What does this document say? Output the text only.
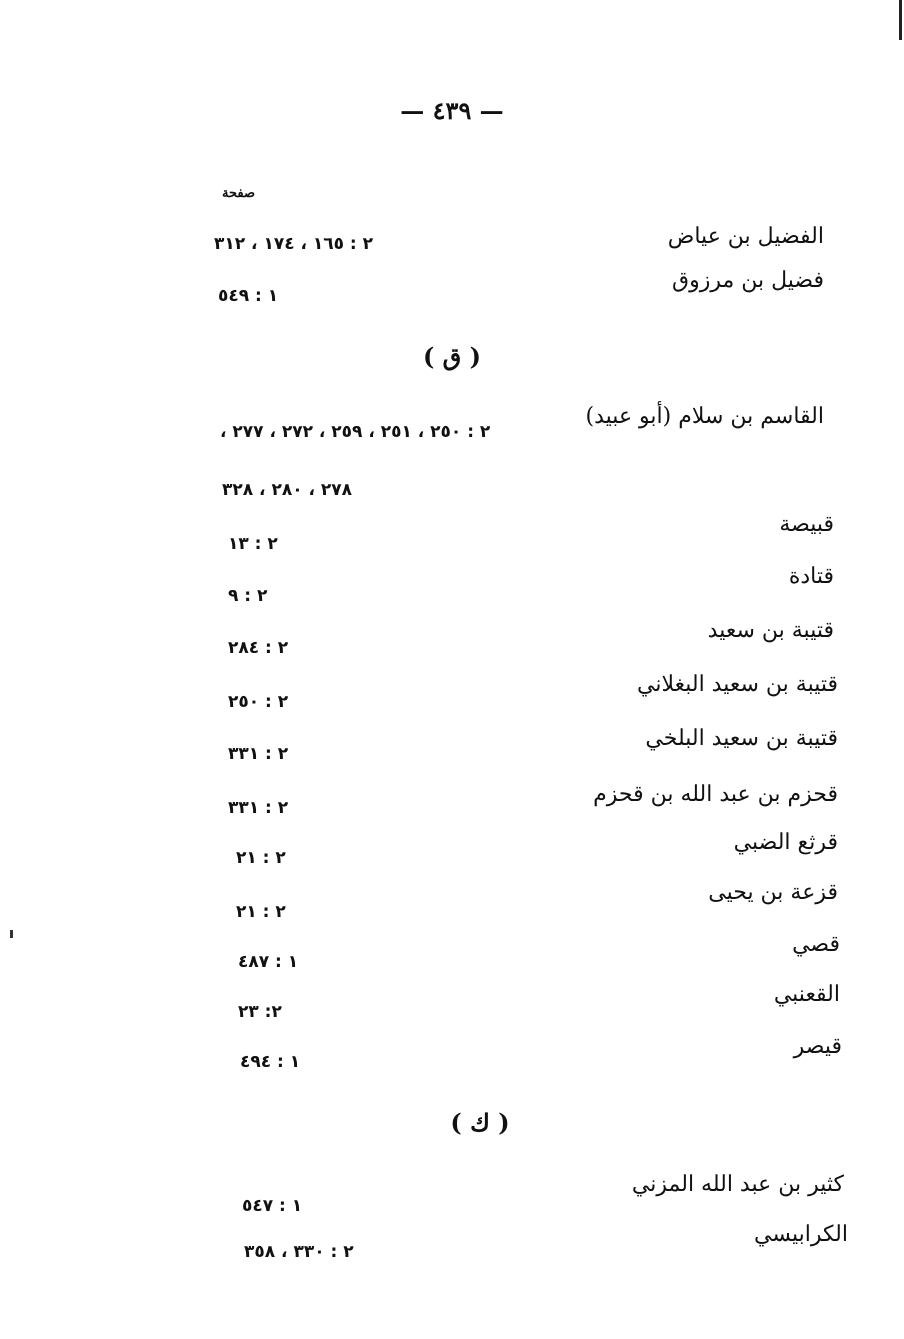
— ٤٣٩ —
صفحة
الفضيل بن عياض
٢ : ١٦٥ ، ١٧٤ ، ٣١٢
فضيل بن مرزوق
١ : ٥٤٩
( ق )
القاسم بن سلام (أبو عبيد)
٢ : ٢٥٠ ، ٢٥١ ، ٢٥٩ ، ٢٧٢ ، ٢٧٧ ،
٢٧٨ ، ٢٨٠ ، ٣٢٨
قبيصة
٢ : ١٣
قتادة
٢ : ٩
قتيبة بن سعيد
٢ : ٢٨٤
قتيبة بن سعيد البغلاني
٢ : ٢٥٠
قتيبة بن سعيد البلخي
٢ : ٣٣١
قحزم بن عبد الله بن قحزم
٢ : ٣٣١
قرثع الضبي
٢ : ٢١
قزعة بن يحيى
٢ : ٢١
قصي
١ : ٤٨٧
القعنبي
٢: ٢٣
قيصر
١ : ٤٩٤
( ك )
كثير بن عبد الله المزني
١ : ٥٤٧
الكرابيسي
٢ : ٣٣٠ ، ٣٥٨
